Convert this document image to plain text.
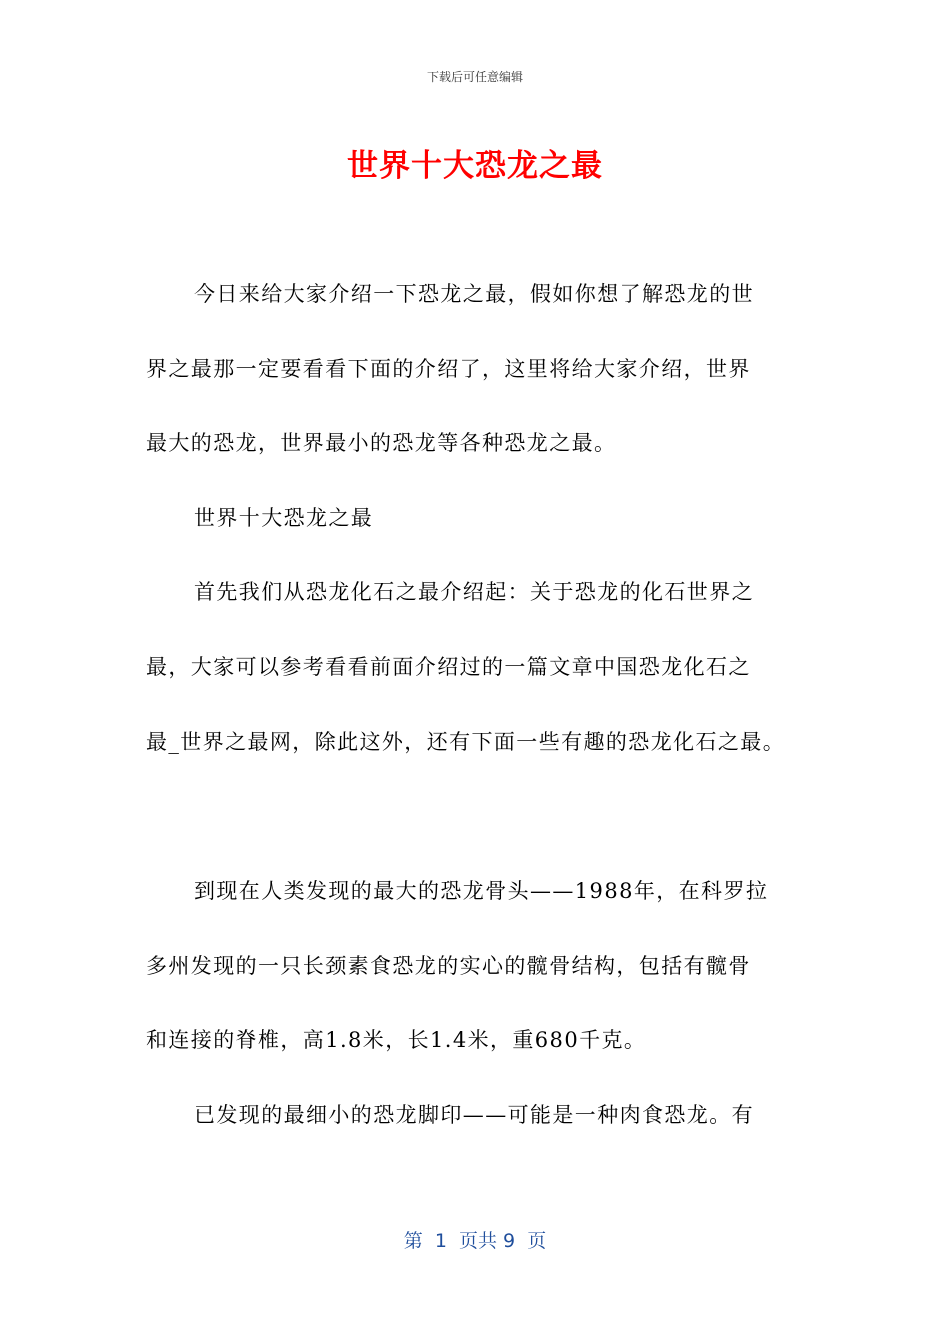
下载后可任意编辑
世界十大恐龙之最
今日来给大家介绍一下恐龙之最，假如你想了解恐龙的世
界之最那一定要看看下面的介绍了，这里将给大家介绍，世界
最大的恐龙，世界最小的恐龙等各种恐龙之最。
世界十大恐龙之最
首先我们从恐龙化石之最介绍起：关于恐龙的化石世界之
最，大家可以参考看看前面介绍过的一篇文章中国恐龙化石之
最_世界之最网，除此这外，还有下面一些有趣的恐龙化石之最。
到现在人类发现的最大的恐龙骨头——1988年，在科罗拉
多州发现的一只长颈素食恐龙的实心的髋骨结构，包括有髋骨
和连接的脊椎，高1.8米，长1.4米，重680千克。
已发现的最细小的恐龙脚印——可能是一种肉食恐龙。有
第  1  页共 9  页
